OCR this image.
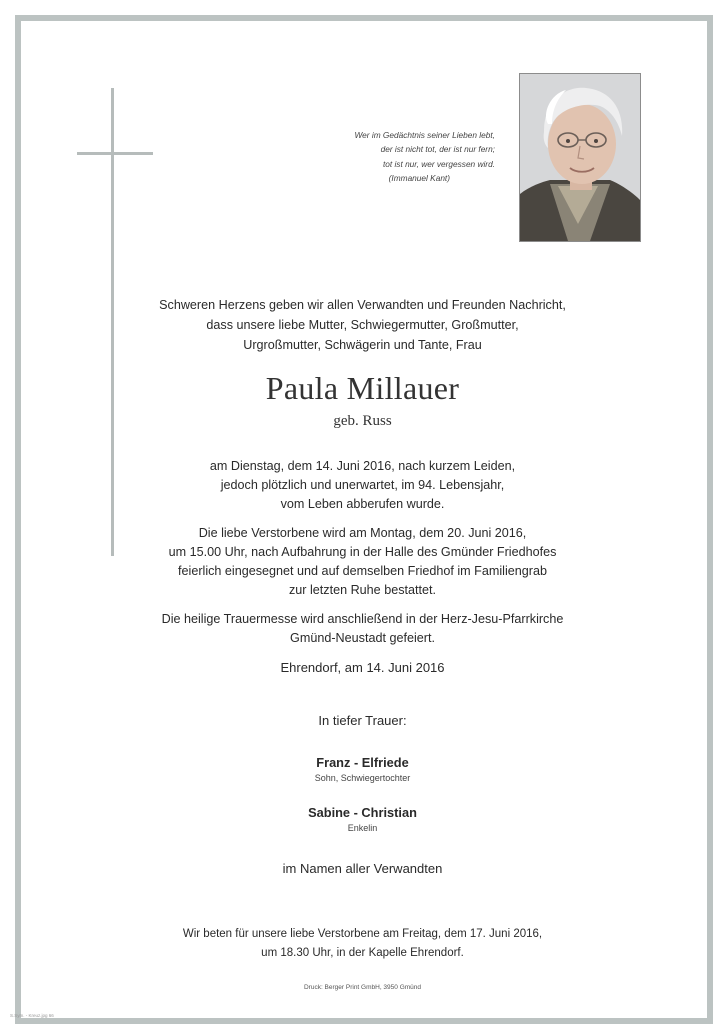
Wer im Gedächtnis seiner Lieben lebt,
der ist nicht tot, der ist nur fern;
tot ist nur, wer vergessen wird.
(Immanuel Kant)
Schweren Herzens geben wir allen Verwandten und Freunden Nachricht,
dass unsere liebe Mutter, Schwiegermutter, Großmutter,
Urgroßmutter, Schwägerin und Tante, Frau
Paula Millauer
geb. Russ
am Dienstag, dem 14. Juni 2016, nach kurzem Leiden,
jedoch plötzlich und unerwartet, im 94. Lebensjahr,
vom Leben abberufen wurde.
Die liebe Verstorbene wird am Montag, dem 20. Juni 2016,
um 15.00 Uhr, nach Aufbahrung in der Halle des Gmünder Friedhofes
feierlich eingesegnet und auf demselben Friedhof im Familiengrab
zur letzten Ruhe bestattet.
Die heilige Trauermesse wird anschließend in der Herz-Jesu-Pfarrkirche
Gmünd-Neustadt gefeiert.
Ehrendorf, am 14. Juni 2016
In tiefer Trauer:
Franz - Elfriede
Sohn, Schwiegertochter
Sabine - Christian
Enkelin
im Namen aller Verwandten
Wir beten für unsere liebe Verstorbene am Freitag, dem 17. Juni 2016,
um 18.30 Uhr, in der Kapelle Ehrendorf.
Druck: Berger Print GmbH, 3950 Gmünd
S.Sym. - Kreuz.jpg 66
